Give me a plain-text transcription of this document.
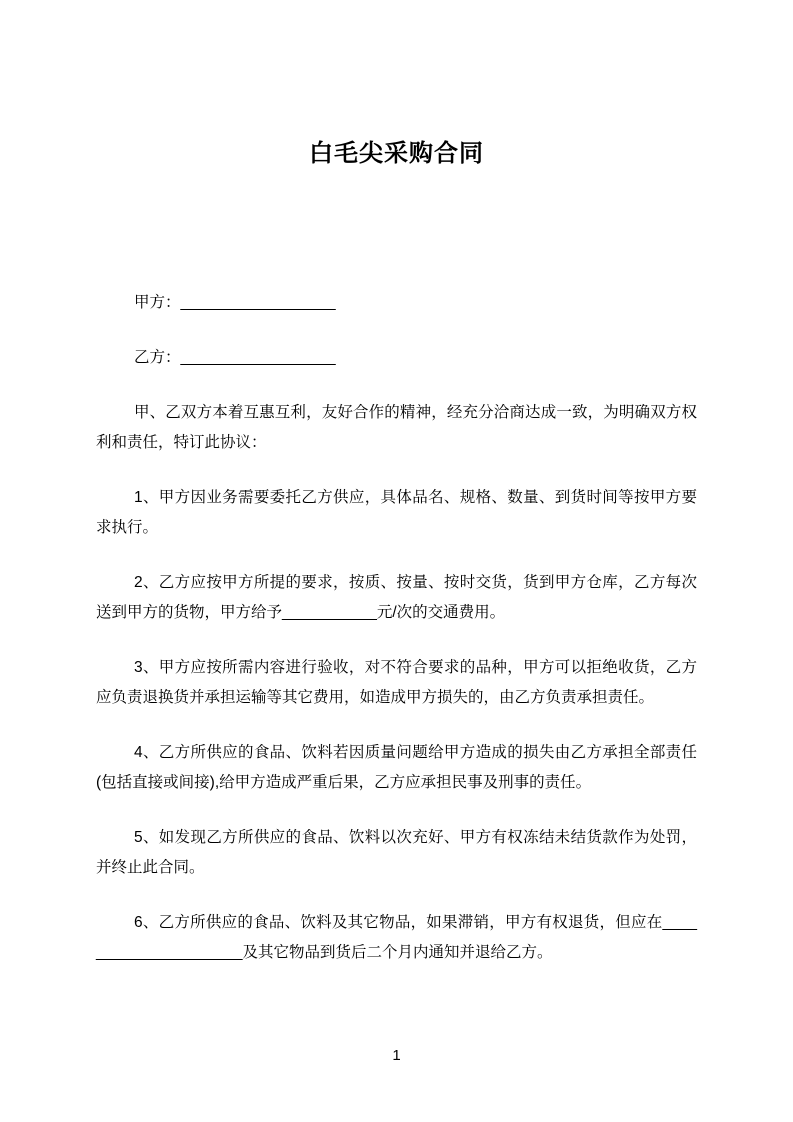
白毛尖采购合同

甲方：__________________

乙方：__________________

甲、乙双方本着互惠互利，友好合作的精神，经充分洽商达成一致，为明确双方权利和责任，特订此协议：

1、甲方因业务需要委托乙方供应，具体品名、规格、数量、到货时间等按甲方要求执行。

2、乙方应按甲方所提的要求，按质、按量、按时交货，货到甲方仓库，乙方每次送到甲方的货物，甲方给予___________元/次的交通费用。

3、甲方应按所需内容进行验收，对不符合要求的品种，甲方可以拒绝收货，乙方应负责退换货并承担运输等其它费用，如造成甲方损失的，由乙方负责承担责任。

4、乙方所供应的食品、饮料若因质量问题给甲方造成的损失由乙方承担全部责任(包括直接或间接),给甲方造成严重后果，乙方应承担民事及刑事的责任。

5、如发现乙方所供应的食品、饮料以次充好、甲方有权冻结未结货款作为处罚，并终止此合同。

6、乙方所供应的食品、饮料及其它物品，如果滞销，甲方有权退货，但应在_____________________及其它物品到货后二个月内通知并退给乙方。

1
